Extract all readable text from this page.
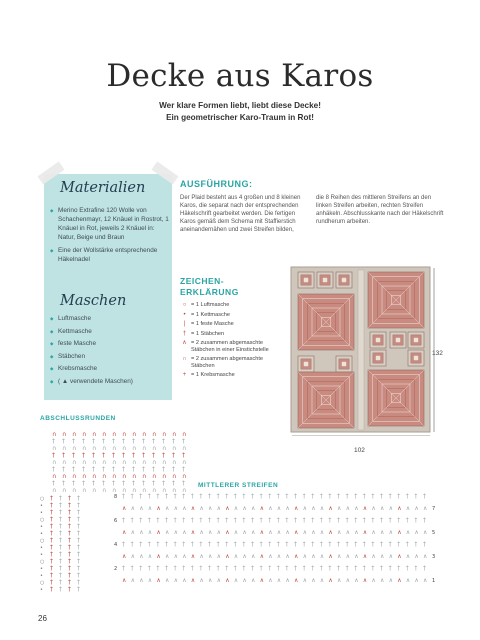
Decke aus Karos
Wer klare Formen liebt, liebt diese Decke!
Ein geometrischer Karo-Traum in Rot!
Materialien
◆ Merino Extrafine 120 Wolle von Schachenmayr, 12 Knäuel in Rostrot, 1 Knäuel in Rot, jeweils 2 Knäuel in: Natur, Beige und Braun
◆ Eine der Wollstärke entsprechende Häkelnadel
Maschen
◆ Luftmasche
◆ Kettmasche
◆ feste Masche
◆ Stäbchen
◆ Krebsmasche
◆ ( ▲ verwendete Maschen)
AUSFÜHRUNG:
Der Plaid besteht aus 4 großen und 8 kleinen Karos, die separat nach der entsprechenden Häkelschrift gearbeitet werden. Die fertigen Karos gemäß dem Schema mit Staffierstich aneinandernähen und zwei Streifen bilden,
die 8 Reihen des mittleren Streifens an den linken Streifen arbeiten, rechten Streifen anhäkeln. Abschlusskante nach der Häkelschrift rundherum arbeiten.
ZEICHEN-
ERKLÄRUNG
○ = 1 Luftmasche
• = 1 Kettmasche
|	= 1 feste Masche
† = 1 Stäbchen
∧ = 2 zusammen abgemaschte Stäbchen in einer Einstichstelle
∩ = 2 zusammen abgemaschte Stäbchen
+ = 1 Krebsmasche
132
102
ABSCHLUSSRUNDEN
∩ ∩ ∩ ∩ ∩ ∩ ∩ ∩ ∩ ∩ ∩ ∩ ∩ ∩
† † † † † † † † † † † † † †
∩ ∩ ∩ ∩ ∩ ∩ ∩ ∩ ∩ ∩ ∩ ∩ ∩ ∩
† † † † † † † † † † † † † †
∩ ∩ ∩ ∩ ∩ ∩ ∩ ∩ ∩ ∩ ∩ ∩ ∩ ∩
† † † † † † † † † † † † † †
∩ ∩ ∩ ∩ ∩ ∩ ∩ ∩ ∩ ∩ ∩ ∩ ∩ ∩
† † † † † † † † † † † † † †
∩ ∩ ∩ ∩ ∩ ∩ ∩ ∩ ∩ ∩ ∩ ∩ ∩ ∩
○ † † † †
• † † † †
• † † † †
○ † † † †
• † † † †
• † † † †
○ † † † †
• † † † †
• † † † †
○ † † † †
• † † † †
• † † † †
○ † † † †
• † † † †
MITTLERER STREIFEN
8 † † † † † † † † † † † † † † † † † † † † † † † † † † † † † † † † † † † †
7
∧ ∧ ∧ ∧ ∧ ∧ ∧ ∧ ∧ ∧ ∧ ∧ ∧ ∧ ∧ ∧ ∧ ∧ ∧ ∧ ∧ ∧ ∧ ∧ ∧ ∧ ∧ ∧ ∧ ∧ ∧ ∧ ∧ ∧ ∧ ∧
6 † † † † † † † † † † † † † † † † † † † † † † † † † † † † † † † † † † † †
5
∧ ∧ ∧ ∧ ∧ ∧ ∧ ∧ ∧ ∧ ∧ ∧ ∧ ∧ ∧ ∧ ∧ ∧ ∧ ∧ ∧ ∧ ∧ ∧ ∧ ∧ ∧ ∧ ∧ ∧ ∧ ∧ ∧ ∧ ∧ ∧
4 † † † † † † † † † † † † † † † † † † † † † † † † † † † † † † † † † † † †
3
∧ ∧ ∧ ∧ ∧ ∧ ∧ ∧ ∧ ∧ ∧ ∧ ∧ ∧ ∧ ∧ ∧ ∧ ∧ ∧ ∧ ∧ ∧ ∧ ∧ ∧ ∧ ∧ ∧ ∧ ∧ ∧ ∧ ∧ ∧ ∧
2 † † † † † † † † † † † † † † † † † † † † † † † † † † † † † † † † † † † †
1
∧ ∧ ∧ ∧ ∧ ∧ ∧ ∧ ∧ ∧ ∧ ∧ ∧ ∧ ∧ ∧ ∧ ∧ ∧ ∧ ∧ ∧ ∧ ∧ ∧ ∧ ∧ ∧ ∧ ∧ ∧ ∧ ∧ ∧ ∧ ∧
26
